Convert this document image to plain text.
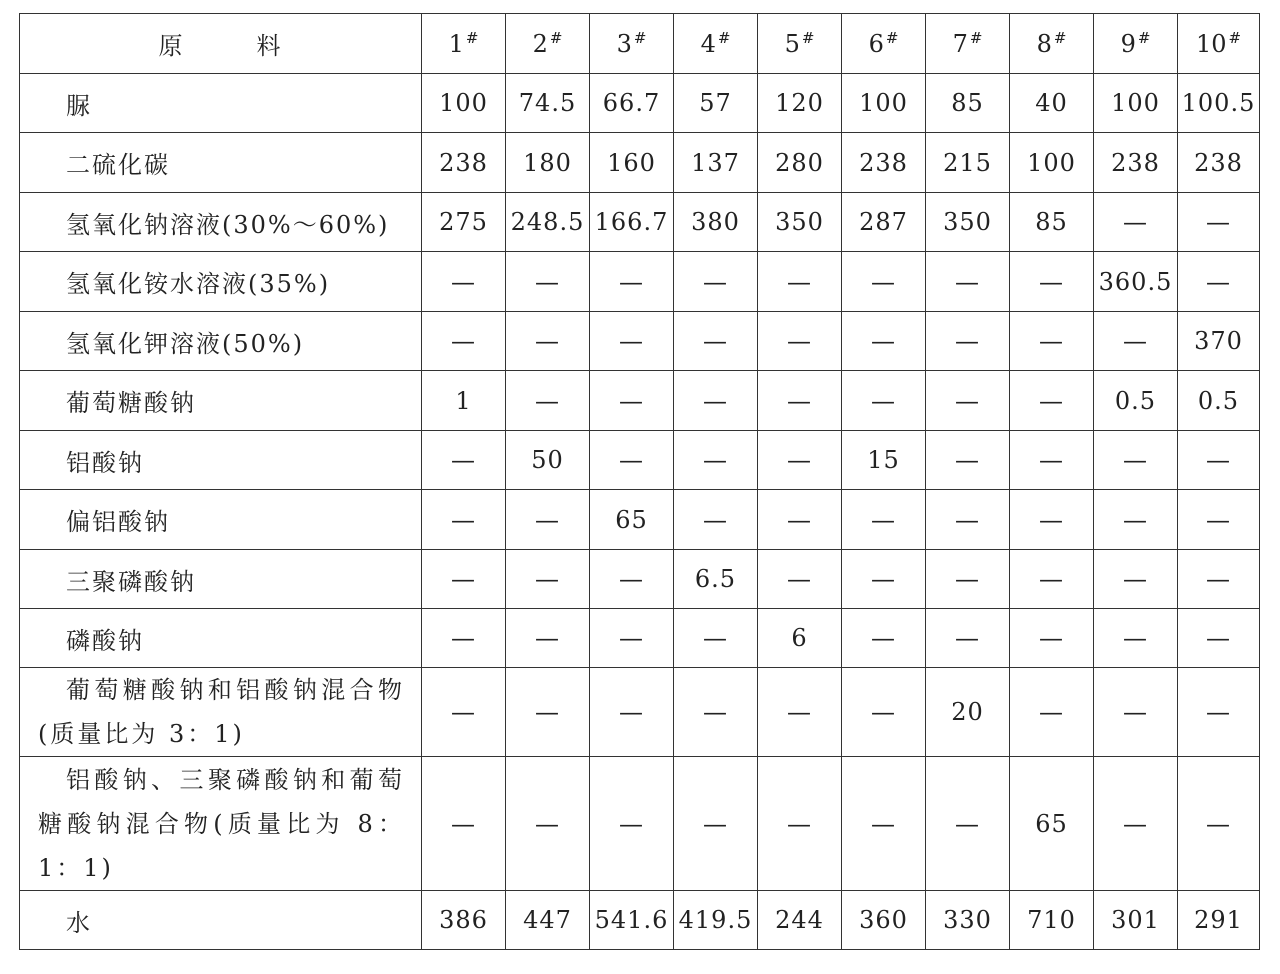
原 料	1 #	2 #	3 #	4 #	5 #	6 #	7 #	8 #	9 #	10 #
脲	100	74.5	66.7	57	120	100	85	40	100	100.5
二硫化碳	238	180	160	137	280	238	215	100	238	238
氢氧化钠溶液(30%～60%)	275	248.5	166.7	380	350	287	350	85	—	—
氢氧化铵水溶液(35%)	—	—	—	—	—	—	—	—	360.5	—
氢氧化钾溶液(50%)	—	—	—	—	—	—	—	—	—	370
葡萄糖酸钠	1	—	—	—	—	—	—	—	0.5	0.5
铝酸钠	—	50	—	—	—	15	—	—	—	—
偏铝酸钠	—	—	65	—	—	—	—	—	—	—
三聚磷酸钠	—	—	—	6.5	—	—	—	—	—	—
磷酸钠	—	—	—	—	6	—	—	—	—	—
葡萄糖酸钠和铝酸钠混合物(质量比为 3：1)	—	—	—	—	—	—	20	—	—	—
铝酸钠、三聚磷酸钠和葡萄糖酸钠混合物(质量比为 8：1：1)	—	—	—	—	—	—	—	65	—	—
水	386	447	541.6	419.5	244	360	330	710	301	291
